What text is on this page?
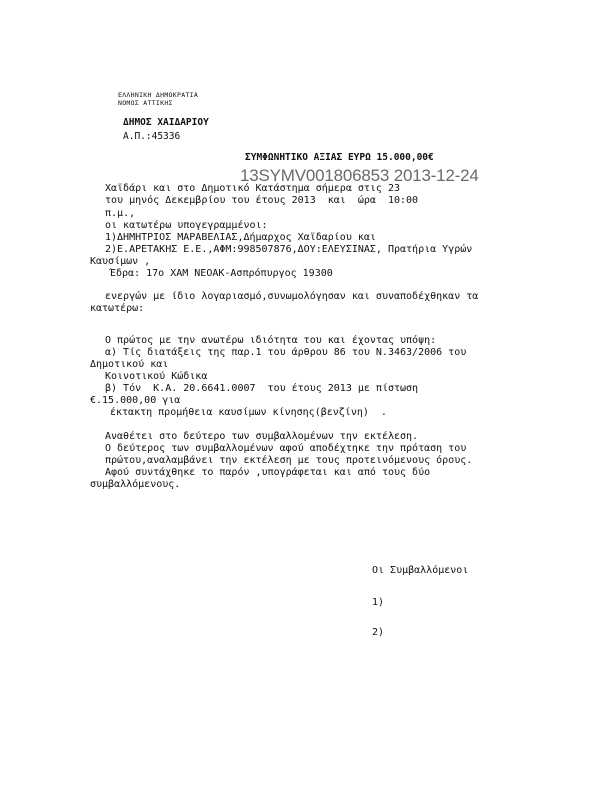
ΕΛΛΗΝΙΚΗ ΔΗΜΟΚΡΑΤΙΑ
ΝΟΜΟΣ ΑΤΤΙΚΗΣ
ΔΗΜΟΣ ΧΑΙΔΑΡΙΟΥ
Α.Π.:45336
ΣΥΜΦΩΝΗΤΙΚΟ ΑΞΙΑΣ ΕΥΡΩ 15.000,00€
13SYMV001806853 2013-12-24
Χαϊδάρι και στο Δημοτικό Κατάστημα σήμερα στις 23
του μηνός Δεκεμβρίου του έτους 2013  και  ώρα  10:00
π.μ.,
οι κατωτέρω υπογεγραμμένοι:
1)ΔΗΜΗΤΡΙΟΣ ΜΑΡΑΒΕΛΙΑΣ,Δήμαρχος Χαϊδαρίου και
2)Ε.ΑΡΕΤΑΚΗΣ Ε.Ε.,ΑΦΜ:998507876,ΔΟΥ:ΕΛΕΥΣΙΝΑΣ, Πρατήρια Υγρών
Καυσίμων ,
Έδρα: 17ο ΧΑΜ ΝΕΟΑΚ-Ασπρόπυργος 19300
ενεργών με ίδιο λογαριασμό,συνωμολόγησαν και συναποδέχθηκαν τα
κατωτέρω:
Ο πρώτος με την ανωτέρω ιδιότητα του και έχοντας υπόψη:
α) Τίς διατάξεις της παρ.1 του άρθρου 86 του Ν.3463/2006 του
Δημοτικού και
Κοινοτικού Κώδικα
β) Τόν  Κ.Α. 20.6641.0007  του έτους 2013 με πίστωση
€.15.000,00 για
έκτακτη προμήθεια καυσίμων κίνησης(βενζίνη)  .
Αναθέτει στο δεύτερο των συμβαλλομένων την εκτέλεση.
Ο δεύτερος των συμβαλλομένων αφού αποδέχτηκε την πρόταση του
πρώτου,αναλαμβάνει την εκτέλεση με τους προτεινόμενους όρους.
Αφού συντάχθηκε το παρόν ,υπογράφεται και από τους δύο
συμβαλλόμενους.
Οι Συμβαλλόμενοι
1)
2)
